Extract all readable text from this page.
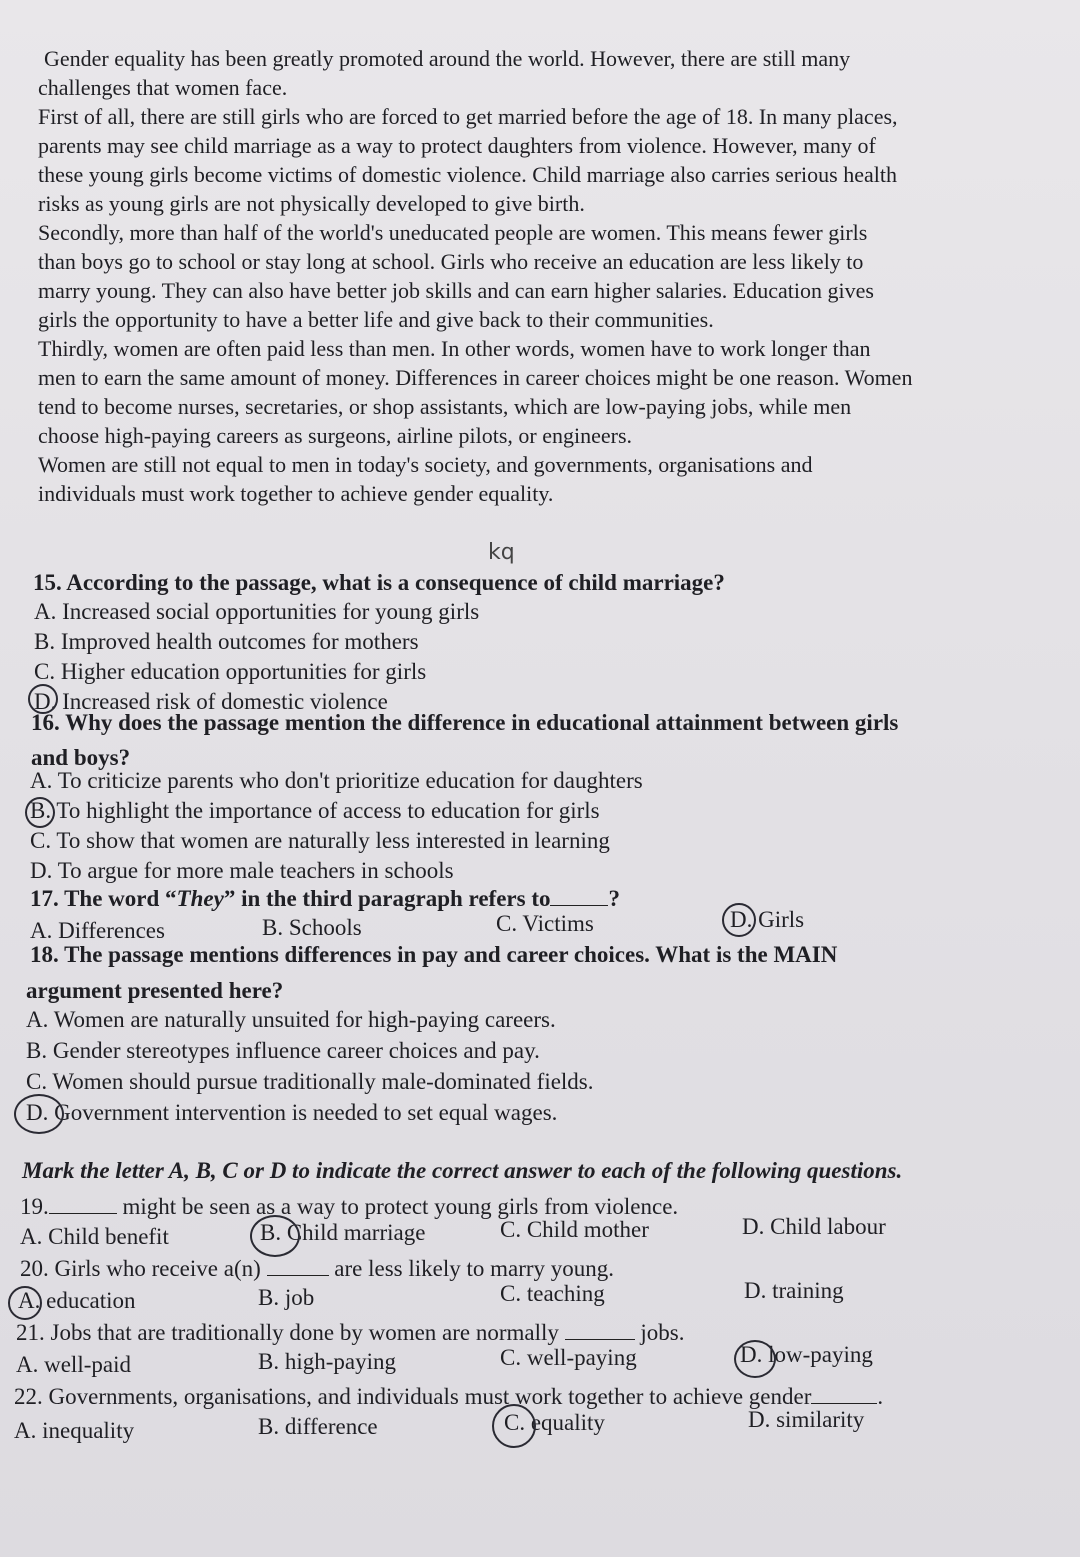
Gender equality has been greatly promoted around the world. However, there are still many
challenges that women face.
First of all, there are still girls who are forced to get married before the age of 18. In many places,
parents may see child marriage as a way to protect daughters from violence. However, many of
these young girls become victims of domestic violence. Child marriage also carries serious health
risks as young girls are not physically developed to give birth.
Secondly, more than half of the world's uneducated people are women. This means fewer girls
than boys go to school or stay long at school. Girls who receive an education are less likely to
marry young. They can also have better job skills and can earn higher salaries. Education gives
girls the opportunity to have a better life and give back to their communities.
Thirdly, women are often paid less than men. In other words, women have to work longer than
men to earn the same amount of money. Differences in career choices might be one reason. Women
tend to become nurses, secretaries, or shop assistants, which are low-paying jobs, while men
choose high-paying careers as surgeons, airline pilots, or engineers.
Women are still not equal to men in today's society, and governments, organisations and
individuals must work together to achieve gender equality.
kq
15. According to the passage, what is a consequence of child marriage?
A. Increased social opportunities for young girls
B. Improved health outcomes for mothers
C. Higher education opportunities for girls
D. Increased risk of domestic violence
16. Why does the passage mention the difference in educational attainment between girls
and boys?
A. To criticize parents who don't prioritize education for daughters
B. To highlight the importance of access to education for girls
C. To show that women are naturally less interested in learning
D. To argue for more male teachers in schools
17. The word “They” in the third paragraph refers to	?
A. Differences	B. Schools	C. Victims	D. Girls
18. The passage mentions differences in pay and career choices. What is the MAIN
argument presented here?
A. Women are naturally unsuited for high-paying careers.
B. Gender stereotypes influence career choices and pay.
C. Women should pursue traditionally male-dominated fields.
D. Government intervention is needed to set equal wages.
Mark the letter A, B, C or D to indicate the correct answer to each of the following questions.
19.	might be seen as a way to protect young girls from violence.
A. Child benefit	B. Child marriage	C. Child mother	D. Child labour
20. Girls who receive a(n)	are less likely to marry young.
A. education	B. job	C. teaching	D. training
21. Jobs that are traditionally done by women are normally	jobs.
A. well-paid	B. high-paying	C. well-paying	D. low-paying
22. Governments, organisations, and individuals must work together to achieve gender	.
A. inequality	B. difference	C. equality	D. similarity
